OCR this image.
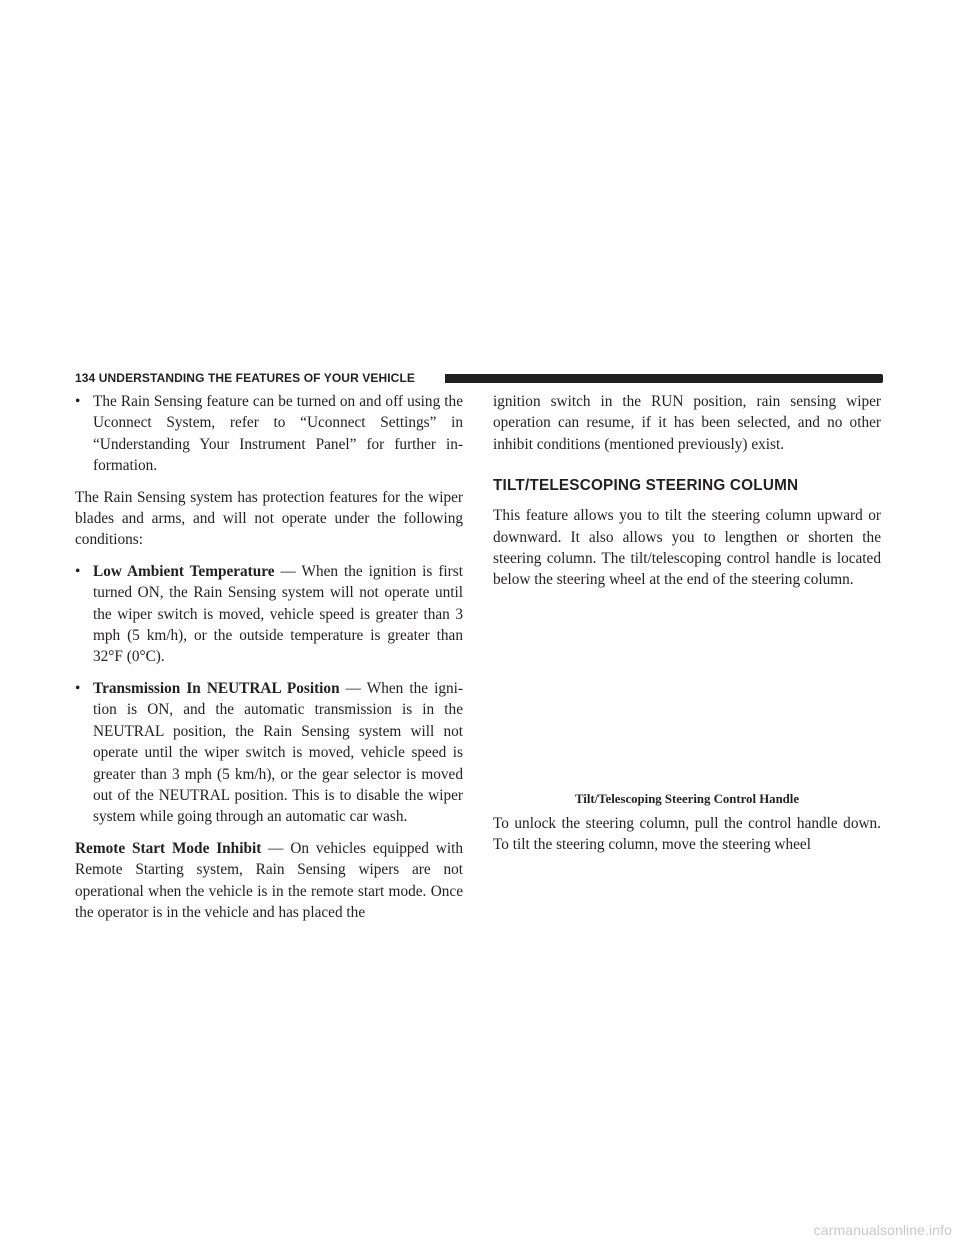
134 UNDERSTANDING THE FEATURES OF YOUR VEHICLE

• The Rain Sensing feature can be turned on and off using the Uconnect System, refer to “Uconnect Settings” in “Understanding Your Instrument Panel” for further in-formation.

The Rain Sensing system has protection features for the wiper blades and arms, and will not operate under the following conditions:

• Low Ambient Temperature — When the ignition is first turned ON, the Rain Sensing system will not operate until the wiper switch is moved, vehicle speed is greater than 3 mph (5 km/h), or the outside temperature is greater than 32°F (0°C).

• Transmission In NEUTRAL Position — When the igni-tion is ON, and the automatic transmission is in the NEUTRAL position, the Rain Sensing system will not operate until the wiper switch is moved, vehicle speed is greater than 3 mph (5 km/h), or the gear selector is moved out of the NEUTRAL position. This is to disable the wiper system while going through an automatic car wash.

Remote Start Mode Inhibit — On vehicles equipped with Remote Starting system, Rain Sensing wipers are not operational when the vehicle is in the remote start mode. Once the operator is in the vehicle and has placed the

ignition switch in the RUN position, rain sensing wiper operation can resume, if it has been selected, and no other inhibit conditions (mentioned previously) exist.

TILT/TELESCOPING STEERING COLUMN

This feature allows you to tilt the steering column upward or downward. It also allows you to lengthen or shorten the steering column. The tilt/telescoping control handle is located below the steering wheel at the end of the steering column.

Tilt/Telescoping Steering Control Handle

To unlock the steering column, pull the control handle down. To tilt the steering column, move the steering wheel

carmanualsonline.info
